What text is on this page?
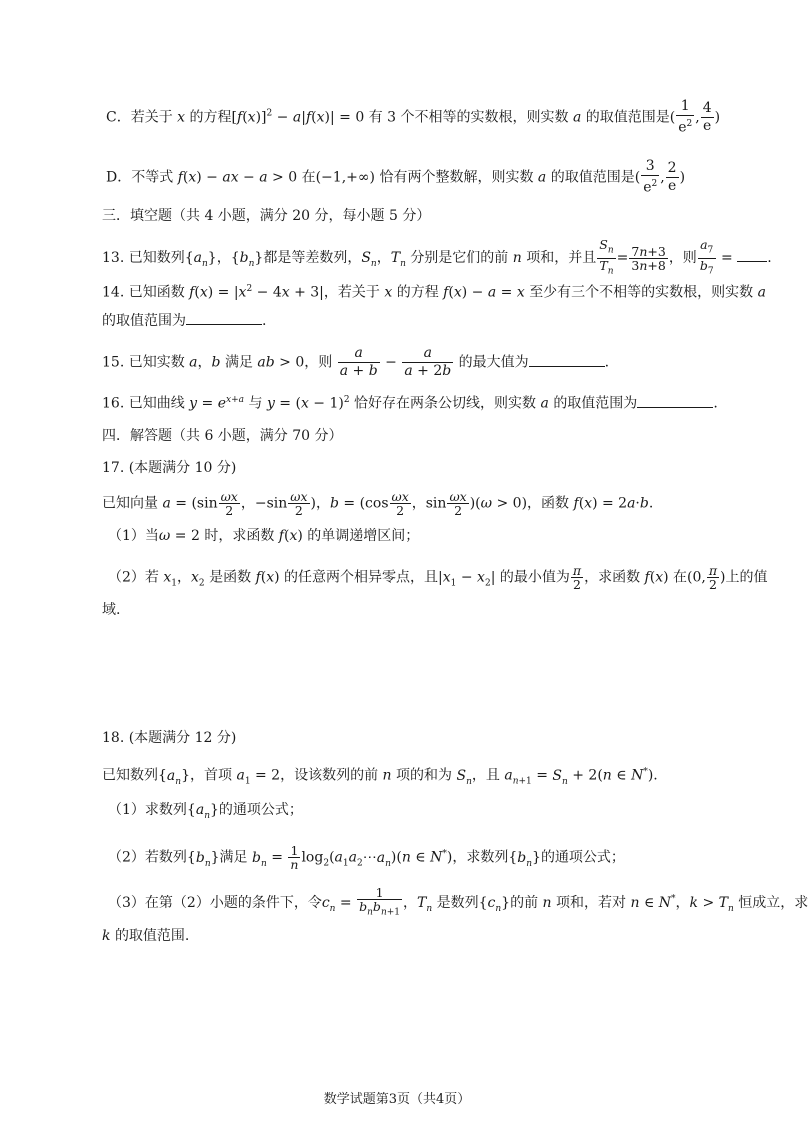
C．若关于 x 的方程$[f(x)]^2 - a|f(x)| = 0$ 有 3 个不相等的实数根，则实数 a 的取值范围是( $\frac{1}{e^2}$ , $\frac{4}{e}$ )
D．不等式 f(x) − ax − a > 0 在(−1,+∞) 恰有两个整数解，则实数 a 的取值范围是( $\frac{3}{e^2}$ , $\frac{2}{e}$ )
三．填空题（共 4 小题，满分 20 分，每小题 5 分）
13. 已知数列$\{a_n\}$，$\{b_n\}$都是等差数列，$S_n$，$T_n$ 分别是它们的前 n 项和，并且 $\frac{S_n}{T_n} = \frac{7n+3}{3n+8}$ ，则 $\frac{a_7}{b_7}$ = .
14. 已知函数 $f(x) = |x^2 - 4x + 3|$，若关于 x 的方程 f(x) − a = x 至少有三个不相等的实数根，则实数 a
的取值范围为	.
15. 已知实数 a，b 满足 ab > 0，则 $\frac{a}{a + b} - \frac{a}{a + 2b}$ 的最大值为	.
16. 已知曲线 $y = e^{x+a}$ 与 $y = (x - 1)^2$ 恰好存在两条公切线，则实数 a 的取值范围为	.
四．解答题（共 6 小题，满分 70 分）
17. (本题满分 10 分)
已知向量 $a = (\sin \frac{\omega x}{2}$ ，$-\sin \frac{\omega x}{2}$ )，$b = (\cos \frac{\omega x}{2}$ ，$\sin \frac{\omega x}{2} )(\omega > 0)$，函数 f(x) = 2a·b.
（1）当ω = 2 时，求函数 f(x) 的单调递增区间；
（2）若 $x_1$，$x_2$ 是函数 f(x) 的任意两个相异零点，且$|x_1 - x_2|$ 的最小值为 $\frac{\pi}{2}$ ，求函数 f(x) 在(0, $\frac{\pi}{2}$ )上的值
域.
18. (本题满分 12 分)
已知数列$\{a_n\}$，首项 $a_1 = 2$，设该数列的前 n 项的和为 $S_n$，且 $a_{n+1} = S_n + 2(n$ ∈ N*).
（1）求数列$\{a_n\}$的通项公式；
（2）若数列$\{b_n\}$满足 $b_n = \frac{1}{n}$ $\log_2(a_1a_2\cdots a_n)(n$ ∈ N*)，求数列$\{b_n\}$的通项公式；
（3）在第（2）小题的条件下，令$c_n = \frac{1}{b_nb_{n+1}}$ ，$T_n$ 是数列$\{c_n\}$的前 n 项和，若对 n ∈ N*，$k > T_n$ 恒成立，求
k 的取值范围.
数学试题第3页（共4页）
